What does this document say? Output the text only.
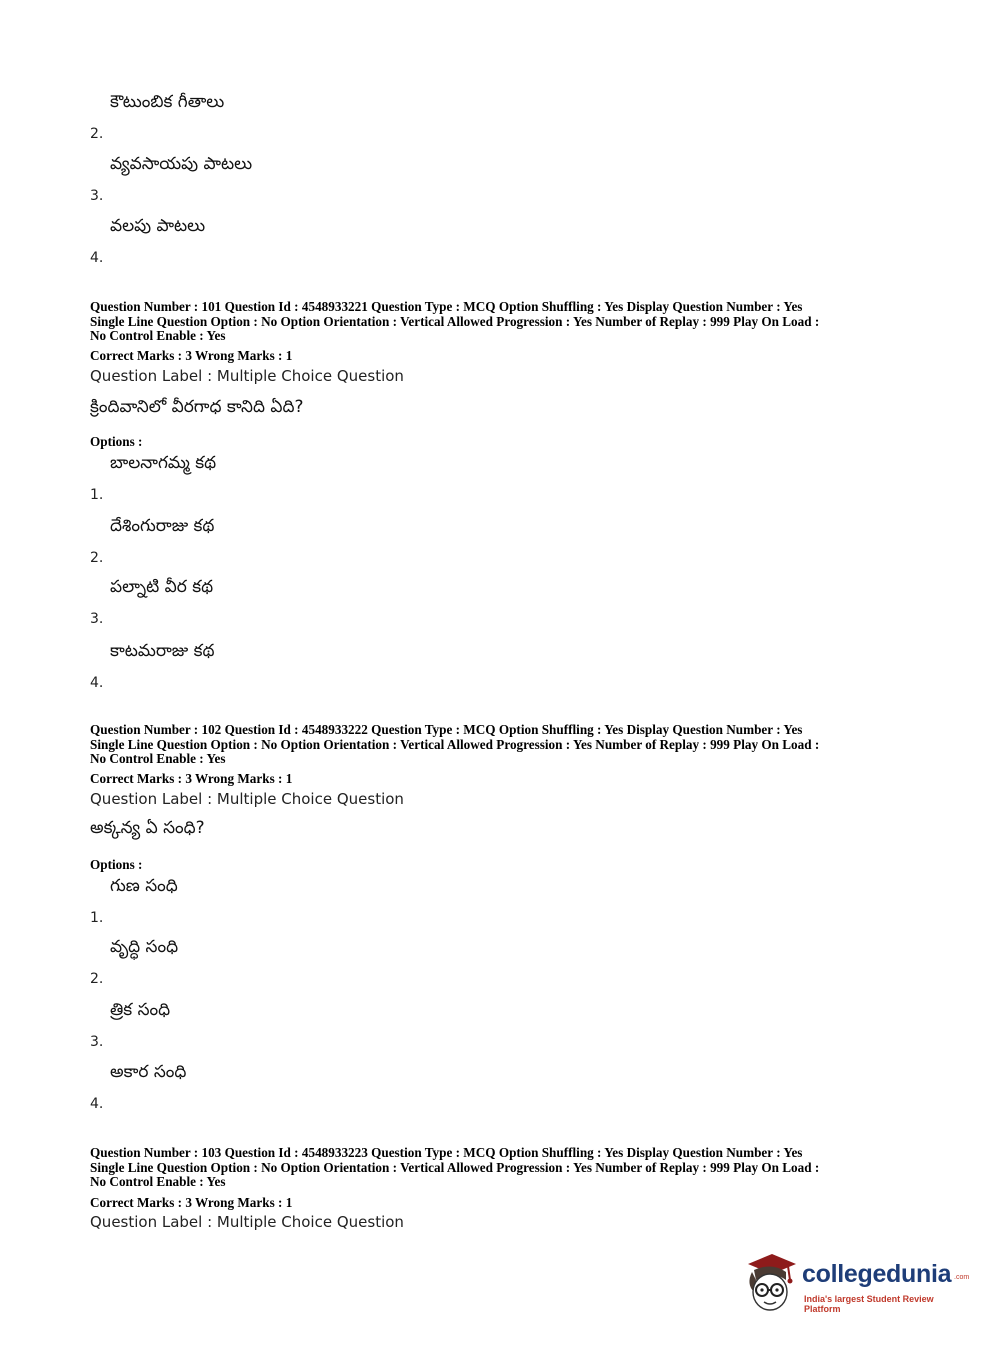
2.
కౌటుంబిక గీతాలు
3.
వ్యవసాయపు పాటలు
4.
వలపు పాటలు
Question Number : 101 Question Id : 4548933221 Question Type : MCQ Option Shuffling : Yes Display Question Number : Yes
Single Line Question Option : No Option Orientation : Vertical Allowed Progression : Yes Number of Replay : 999 Play On Load :
No Control Enable : Yes
Correct Marks : 3 Wrong Marks : 1
Question Label : Multiple Choice Question
క్రిందివానిలో వీరగాధ కానిది ఏది?
Options :
1.
బాలనాగమ్మ కథ
2.
దేశింగురాజు కథ
3.
పల్నాటి వీర కథ
4.
కాటమరాజు కథ
Question Number : 102 Question Id : 4548933222 Question Type : MCQ Option Shuffling : Yes Display Question Number : Yes
Single Line Question Option : No Option Orientation : Vertical Allowed Progression : Yes Number of Replay : 999 Play On Load :
No Control Enable : Yes
Correct Marks : 3 Wrong Marks : 1
Question Label : Multiple Choice Question
అక్కన్య ఏ సంధి?
Options :
1.
గుణ సంధి
2.
వృద్ధి సంధి
3.
త్రిక సంధి
4.
అకార సంధి
Question Number : 103 Question Id : 4548933223 Question Type : MCQ Option Shuffling : Yes Display Question Number : Yes
Single Line Question Option : No Option Orientation : Vertical Allowed Progression : Yes Number of Replay : 999 Play On Load :
No Control Enable : Yes
Correct Marks : 3 Wrong Marks : 1
Question Label : Multiple Choice Question
collegedunia .com
India's largest Student Review Platform
